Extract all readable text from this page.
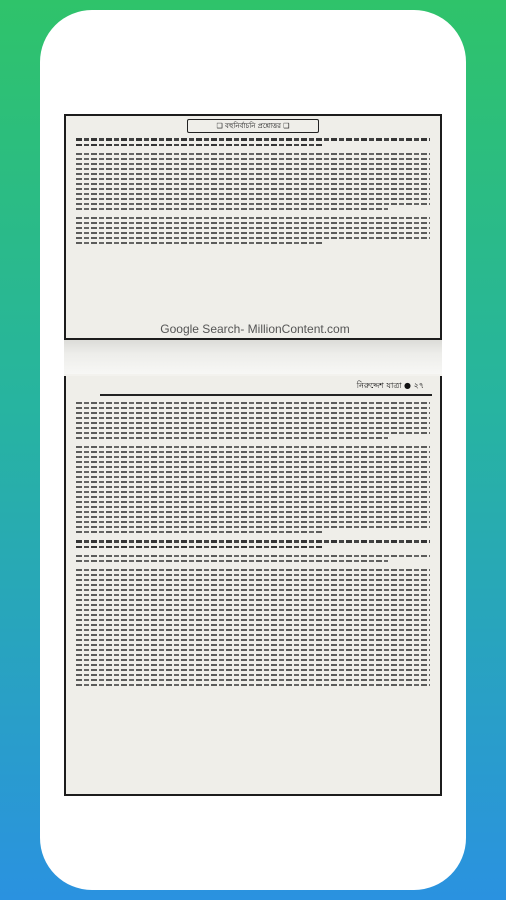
❑ বহুনির্বাচনি প্রশ্নোত্তর ❑
Google Search- MillionContent.com
নিরুদ্দেশ যাত্রা ● ২৭
